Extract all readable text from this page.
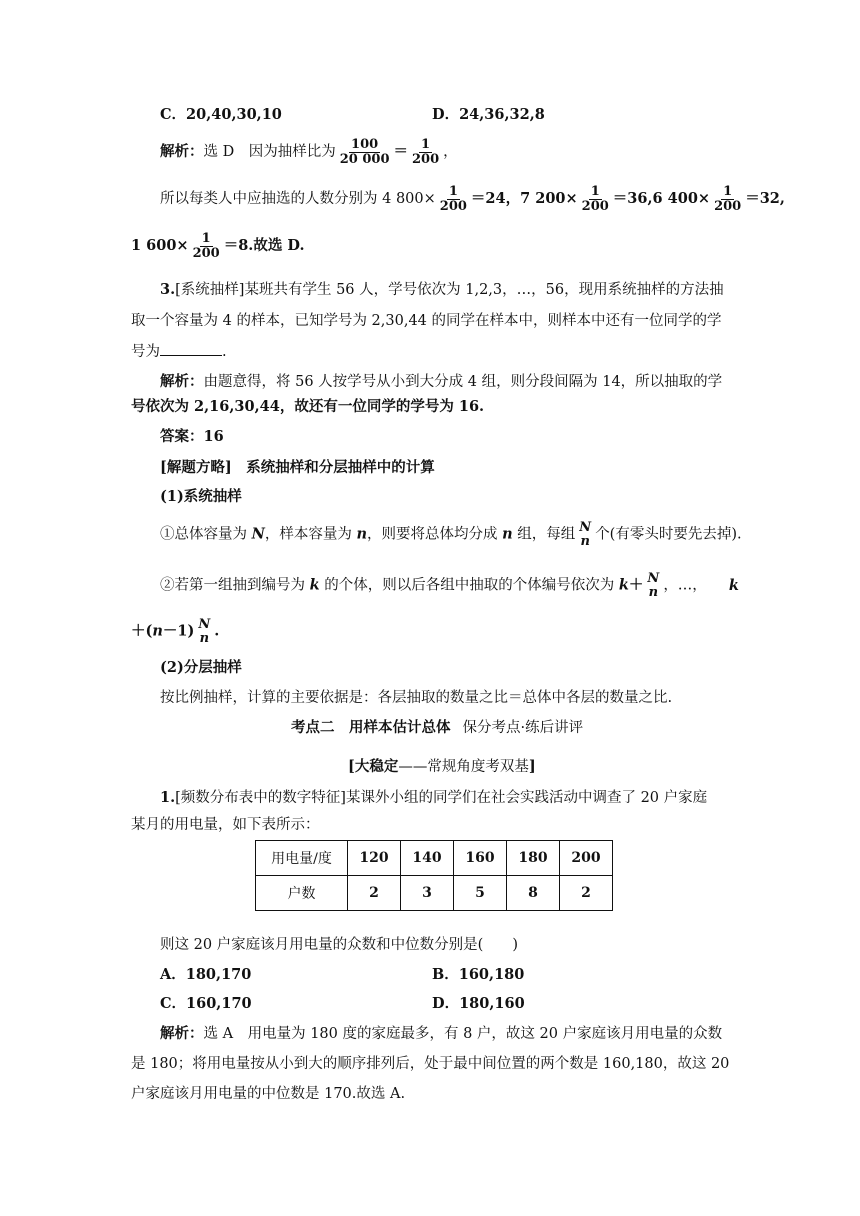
C．20,40,30,10	D．24,36,32,8
解析：选 D　因为抽样比为 $\frac{100}{20 000} = \frac{1}{200}$ ，
所以每类人中应抽选的人数分别为 4 $800\times \frac{1}{200} =24$，7 $200\times \frac{1}{200} =36,6$ $400\times \frac{1}{200} =32$,
1 $600\times \frac{1}{200} =8$.故选 D.
3.[系统抽样]某班共有学生 56 人，学号依次为 1,2,3，…，56，现用系统抽样的方法抽
取一个容量为 4 的样本，已知学号为 2,30,44 的同学在样本中，则样本中还有一位同学的学
号为	.
解析：由题意得，将 56 人按学号从小到大分成 4 组，则分段间隔为 14，所以抽取的学
号依次为 2,16,30,44，故还有一位同学的学号为 16.
答案：16
[解题方略]　系统抽样和分层抽样中的计算
(1)系统抽样
①总体容量为 N，样本容量为 n，则要将总体均分成 n 组，每组 N
n 个(有零头时要先去掉).
②若第一组抽到编号为 k 的个体，则以后各组中抽取的个体编号依次为 k＋ N
n ，…， k
＋(n－1) N
n .
(2)分层抽样
按比例抽样，计算的主要依据是：各层抽取的数量之比＝总体中各层的数量之比.
考点二　用样本估计总体 保分考点·练后讲评
[大稳定——常规角度考双基]
1.[频数分布表中的数字特征]某课外小组的同学们在社会实践活动中调查了 20 户家庭
某月的用电量，如下表所示：
用电量/度	120	140	160	180	200
户数	2	3	5	8	2
则这 20 户家庭该月用电量的众数和中位数分别是(　　)
A．180,170	B．160,180
C．160,170	D．180,160
解析：选 A　用电量为 180 度的家庭最多，有 8 户，故这 20 户家庭该月用电量的众数
是 180；将用电量按从小到大的顺序排列后，处于最中间位置的两个数是 160,180，故这 20
户家庭该月用电量的中位数是 170.故选 A.
